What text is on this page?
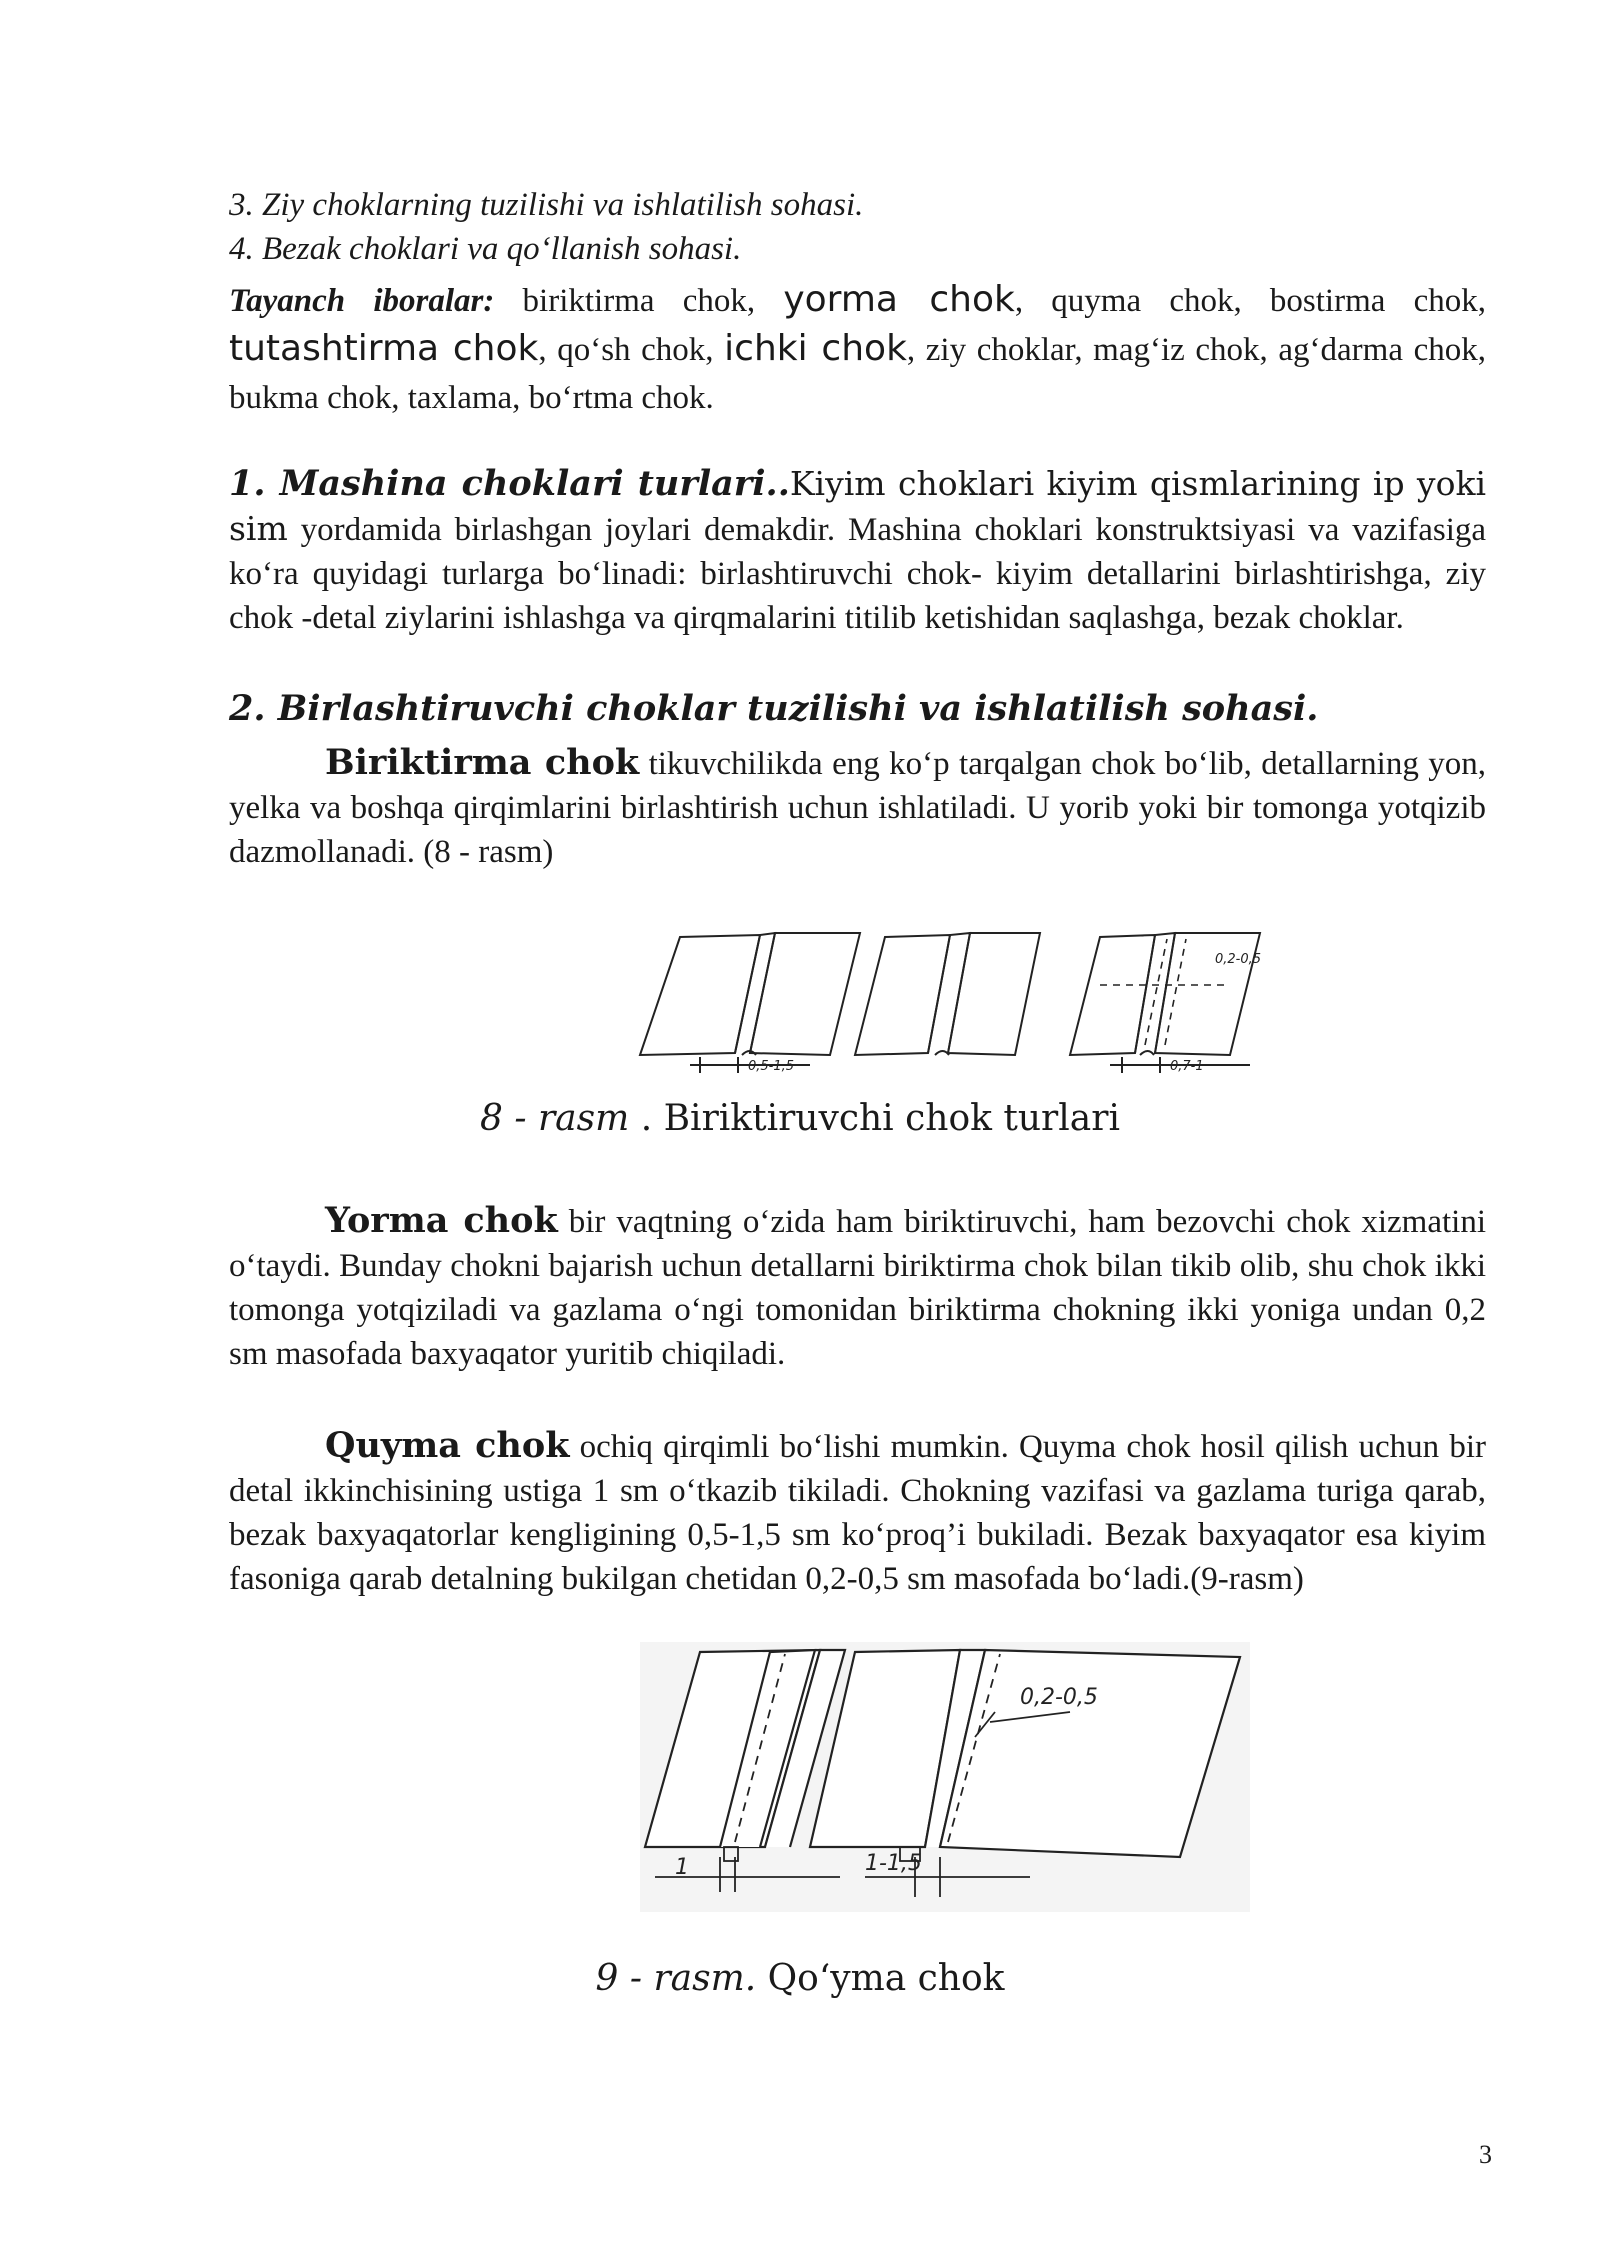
3. Ziy choklarning tuzilishi va ishlatilish sohasi.

4. Bezak choklari va qo‘llanish sohasi.

Tayanch iboralar: biriktirma chok, yorma chok, quyma chok, bostirma chok, tutashtirma chok, qo‘sh chok, ichki chok, ziy choklar, mag‘iz chok, ag‘darma chok, bukma chok, taxlama, bo‘rtma chok.

1. Mashina choklari turlari..Kiyim choklari kiyim qismlarining ip yoki sim yordamida birlashgan joylari demakdir. Mashina choklari konstruktsiyasi va vazifasiga ko‘ra quyidagi turlarga bo‘linadi: birlashtiruvchi chok- kiyim detallarini birlashtirishga, ziy chok -detal ziylarini ishlashga va qirqmalarini titilib ketishidan saqlashga, bezak choklar.

2. Birlashtiruvchi choklar tuzilishi va ishlatilish sohasi.

Biriktirma chok tikuvchilikda eng ko‘p tarqalgan chok bo‘lib, detallarning yon, yelka va boshqa qirqimlarini birlashtirish uchun ishlatiladi. U yorib yoki bir tomonga yotqizib dazmollanadi. (8 - rasm)

0,5-1,5
0,2-0,5
0,7-1
8 - rasm . Biriktiruvchi chok turlari

Yorma chok bir vaqtning o‘zida ham biriktiruvchi, ham bezovchi chok xizmatini o‘taydi. Bunday chokni bajarish uchun detallarni biriktirma chok bilan tikib olib, shu chok ikki tomonga yotqiziladi va gazlama o‘ngi tomonidan biriktirma chokning ikki yoniga undan 0,2 sm masofada baxyaqator yuritib chiqiladi.

Quyma chok ochiq qirqimli bo‘lishi mumkin. Quyma chok hosil qilish uchun bir detal ikkinchisining ustiga 1 sm o‘tkazib tikiladi. Chokning vazifasi va gazlama turiga qarab, bezak baxyaqatorlar kengligining 0,5-1,5 sm ko‘proq’i bukiladi. Bezak baxyaqator esa kiyim fasoniga qarab detalning bukilgan chetidan 0,2-0,5 sm masofada bo‘ladi.(9-rasm)

0,2-0,5
1	1-1,5
9 - rasm. Qo‘yma chok
3
